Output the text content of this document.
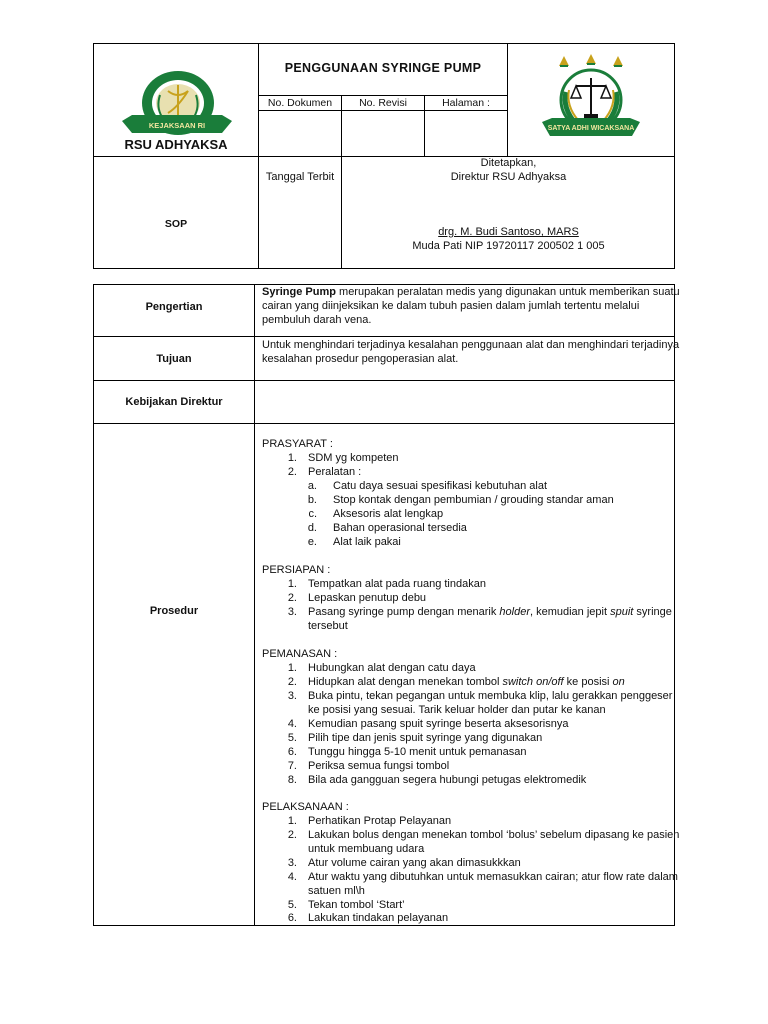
RUMAH SAKIT UMUM ADHYAK
KEJAKSAAN RI
RSU ADHYAKSA
PENGGUNAAN SYRINGE PUMP
No. Dokumen	No. Revisi	Halaman :
SATYA ADHI WICAKSANA
SOP
Tanggal Terbit
Ditetapkan,
Direktur RSU Adhyaksa
drg. M. Budi Santoso, MARS
Muda Pati NIP 19720117 200502 1 005
Pengertian
Syringe Pump merupakan peralatan medis yang digunakan untuk memberikan suatu
cairan yang diinjeksikan ke dalam tubuh pasien dalam jumlah tertentu melalui
pembuluh darah vena.
Tujuan
Untuk menghindari terjadinya kesalahan penggunaan alat dan menghindari terjadinya
kesalahan prosedur pengoperasian alat.
Kebijakan Direktur
Prosedur
PRASYARAT :
1. SDM yg kompeten
2. Peralatan :
a. Catu daya sesuai spesifikasi kebutuhan alat
b. Stop kontak dengan pembumian / grouding standar aman
c. Aksesoris alat lengkap
d. Bahan operasional tersedia
e. Alat laik pakai
PERSIAPAN :
1. Tempatkan alat pada ruang tindakan
2. Lepaskan penutup debu
3. Pasang syringe pump dengan menarik holder, kemudian jepit spuit syringe
tersebut
PEMANASAN :
1. Hubungkan alat dengan catu daya
2. Hidupkan alat dengan menekan tombol switch on/off ke posisi on
3. Buka pintu, tekan pegangan untuk membuka klip, lalu gerakkan penggeser
ke posisi yang sesuai. Tarik keluar holder dan putar ke kanan
4. Kemudian pasang spuit syringe beserta aksesorisnya
5. Pilih tipe dan jenis spuit syringe yang digunakan
6. Tunggu hingga 5-10 menit untuk pemanasan
7. Periksa semua fungsi tombol
8. Bila ada gangguan segera hubungi petugas elektromedik
PELAKSANAAN :
1. Perhatikan Protap Pelayanan
2. Lakukan bolus dengan menekan tombol ‘bolus’ sebelum dipasang ke pasien
untuk membuang udara
3. Atur volume cairan yang akan dimasukkkan
4. Atur waktu yang dibutuhkan untuk memasukkan cairan; atur flow rate dalam
satuen ml\h
5. Tekan tombol ‘Start’
6. Lakukan tindakan pelayanan
